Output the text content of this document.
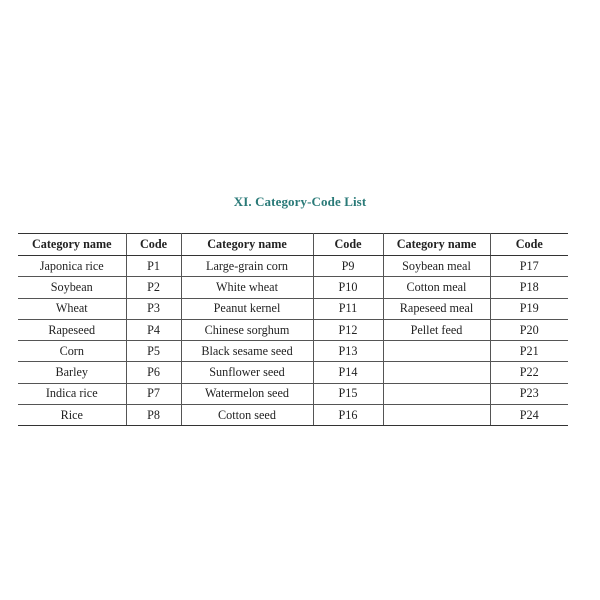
XI. Category-Code List
Category name	Code	Category name	Code	Category name	Code
Japonica rice	P1	Large-grain corn	P9	Soybean meal	P17
Soybean	P2	White wheat	P10	Cotton meal	P18
Wheat	P3	Peanut kernel	P11	Rapeseed meal	P19
Rapeseed	P4	Chinese sorghum	P12	Pellet feed	P20
Corn	P5	Black sesame seed	P13		P21
Barley	P6	Sunflower seed	P14		P22
Indica rice	P7	Watermelon seed	P15		P23
Rice	P8	Cotton seed	P16		P24
